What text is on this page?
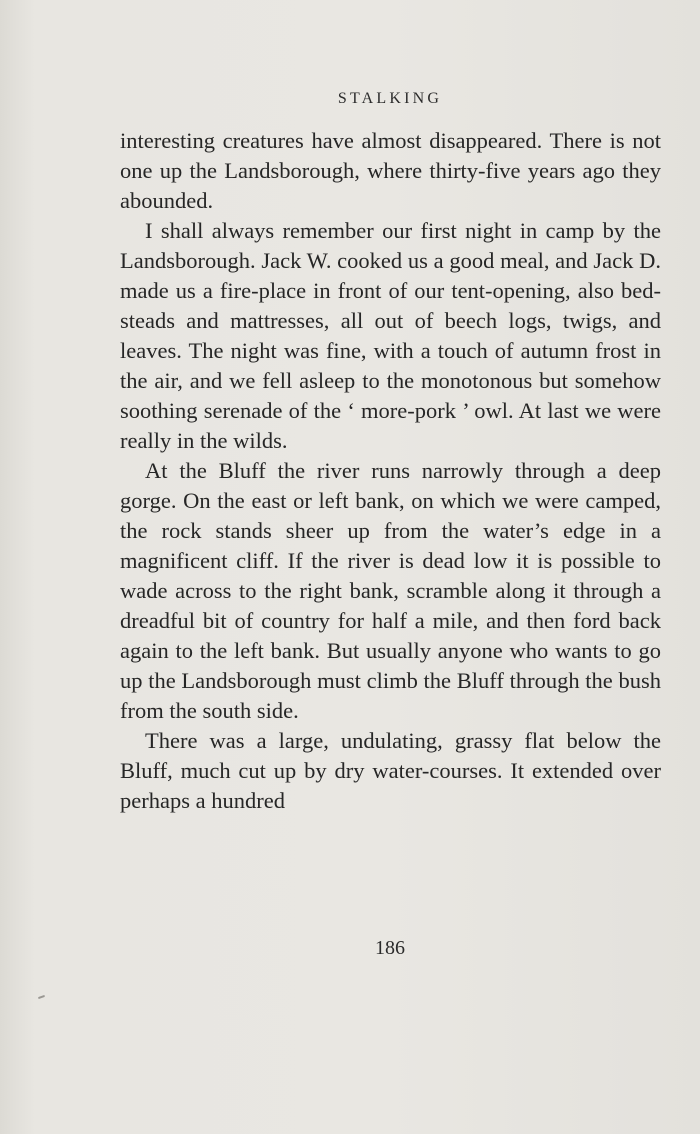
STALKING

interesting creatures have almost disappeared. There is not one up the Landsborough, where thirty-five years ago they abounded.

I shall always remember our first night in camp by the Landsborough. Jack W. cooked us a good meal, and Jack D. made us a fire-place in front of our tent-opening, also bed-steads and mattresses, all out of beech logs, twigs, and leaves. The night was fine, with a touch of autumn frost in the air, and we fell asleep to the monotonous but somehow soothing serenade of the ‘ more-pork ’ owl. At last we were really in the wilds.

At the Bluff the river runs narrowly through a deep gorge. On the east or left bank, on which we were camped, the rock stands sheer up from the water’s edge in a magnificent cliff. If the river is dead low it is possible to wade across to the right bank, scramble along it through a dreadful bit of country for half a mile, and then ford back again to the left bank. But usually anyone who wants to go up the Landsborough must climb the Bluff through the bush from the south side.

There was a large, undulating, grassy flat below the Bluff, much cut up by dry water-courses. It extended over perhaps a hundred

186
